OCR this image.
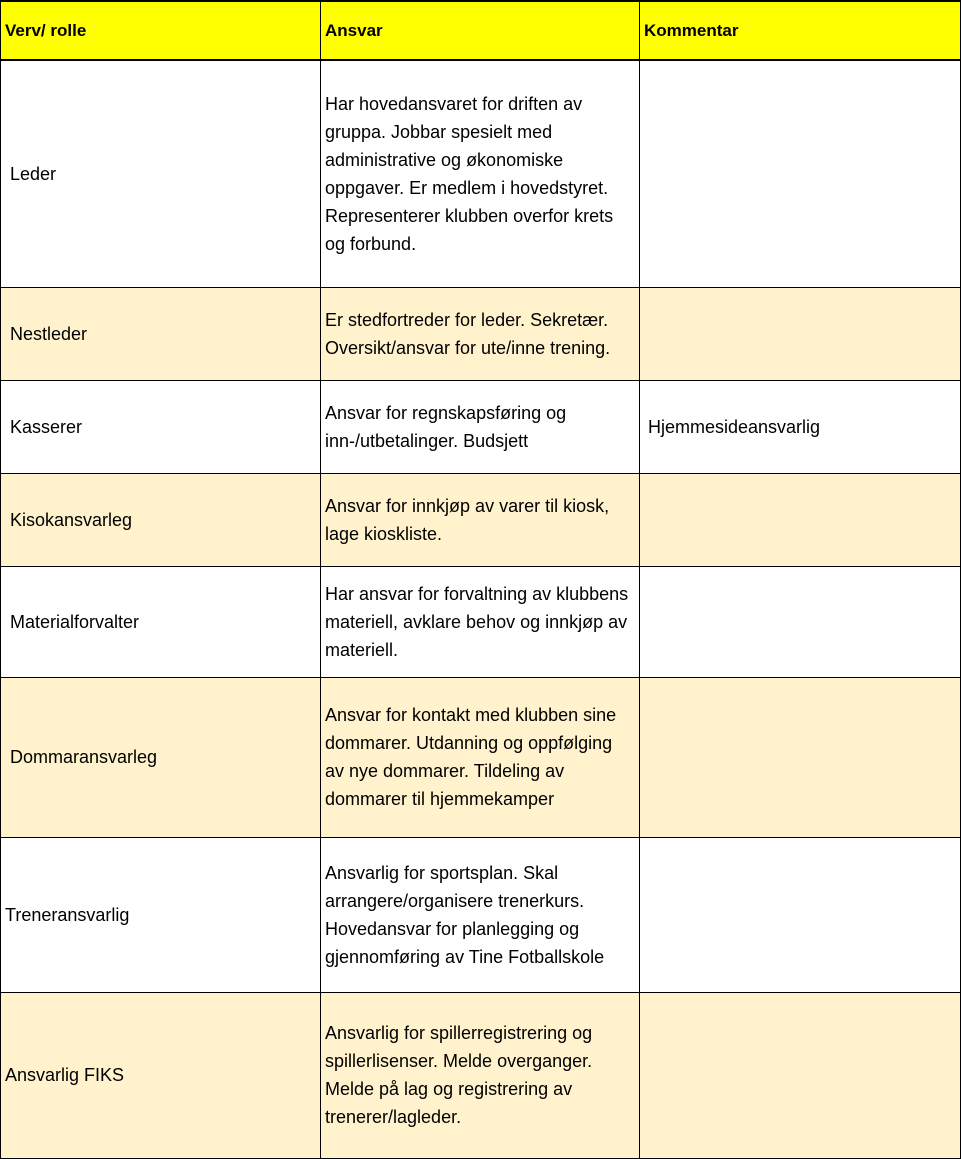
Verv/ rolle	Ansvar	Kommentar
Leder	Har hovedansvaret for driften av gruppa. Jobbar spesielt med administrative og økonomiske oppgaver. Er medlem i hovedstyret. Representerer klubben overfor krets og forbund.	
Nestleder	Er stedfortreder for leder. Sekretær. Oversikt/ansvar for ute/inne trening.	
Kasserer	Ansvar for regnskapsføring og inn-/utbetalinger. Budsjett	Hjemmesideansvarlig
Kisokansvarleg	Ansvar for innkjøp av varer til kiosk, lage kioskliste.	
Materialforvalter	Har ansvar for forvaltning av klubbens materiell, avklare behov og innkjøp av materiell.	
Dommaransvarleg	Ansvar for kontakt med klubben sine dommarer. Utdanning og oppfølging av nye dommarer. Tildeling av dommarer til hjemmekamper	
Treneransvarlig	Ansvarlig for sportsplan. Skal arrangere/organisere trenerkurs. Hovedansvar for planlegging og gjennomføring av Tine Fotballskole	
Ansvarlig FIKS	Ansvarlig for spillerregistrering og spillerlisenser. Melde overganger. Melde på lag og registrering av trenerer/lagleder.	
